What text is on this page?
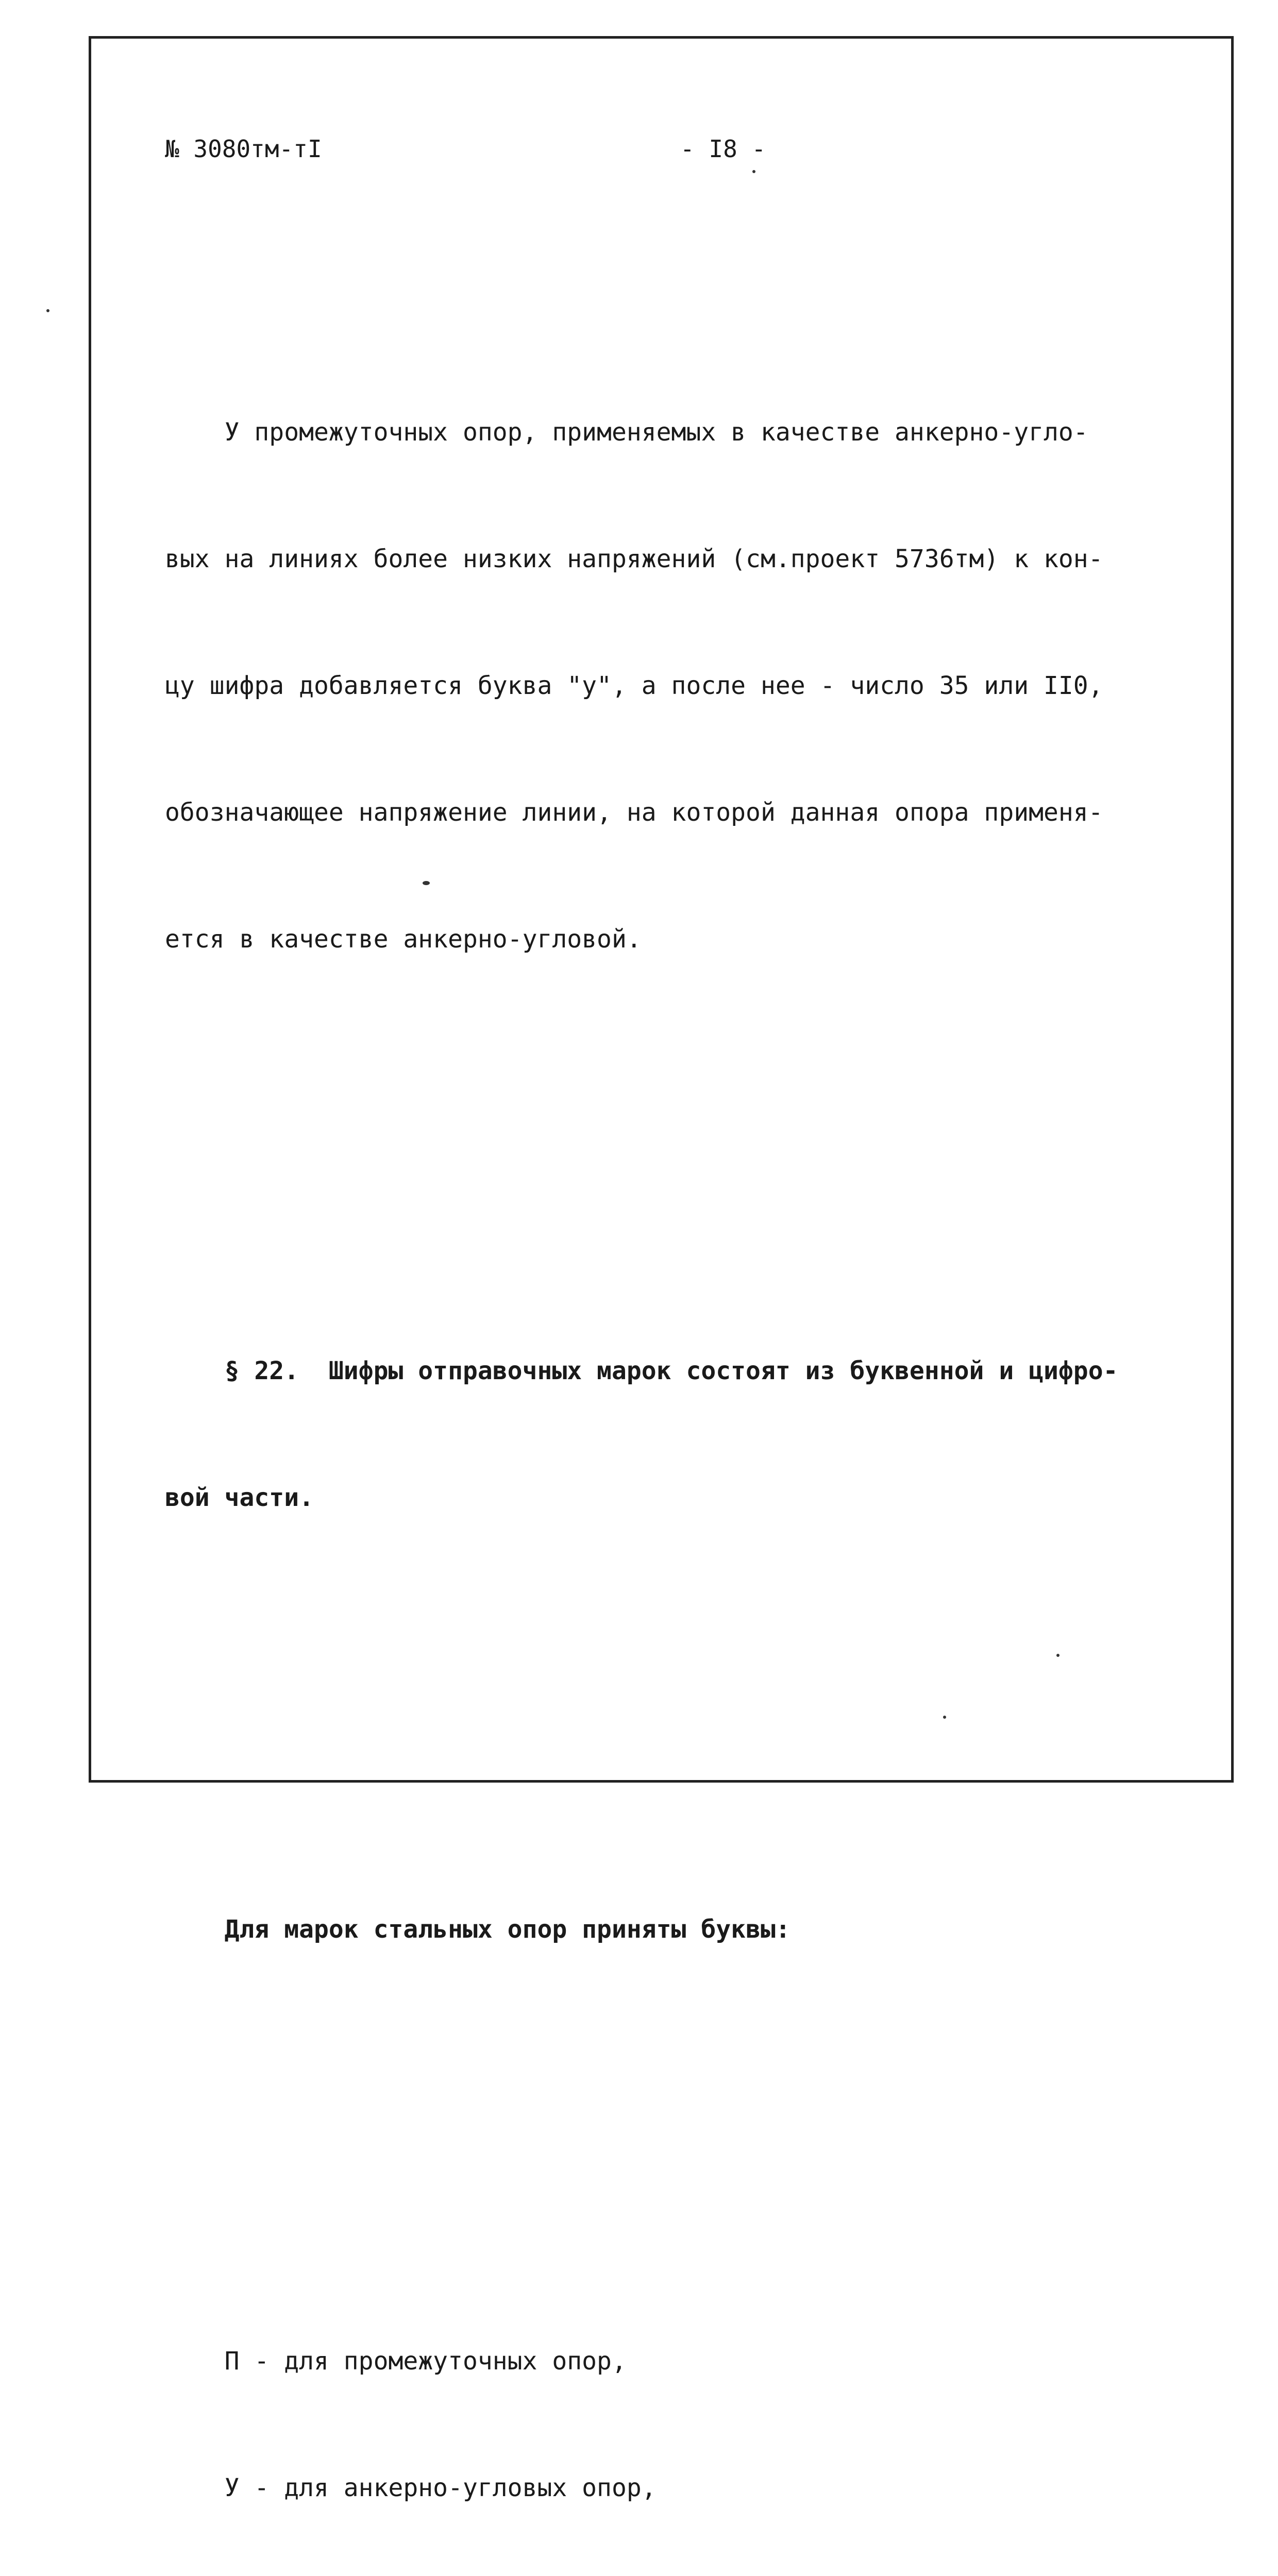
№ 3080тм-тI	- I8 -

У промежуточных опор, применяемых в качестве анкерно-угло-

вых на линиях более низких напряжений (см.проект 5736тм) к кон-

цу шифра добавляется буква "у", а после нее - число 35 или II0,

обозначающее напряжение линии, на которой данная опора применя-

ется в качестве анкерно-угловой.

§ 22.  Шифры отправочных марок состоят из буквенной и цифро-

вой части.

Для марок стальных опор приняты буквы:

П - для промежуточных опор,

У - для анкерно-угловых опор,
